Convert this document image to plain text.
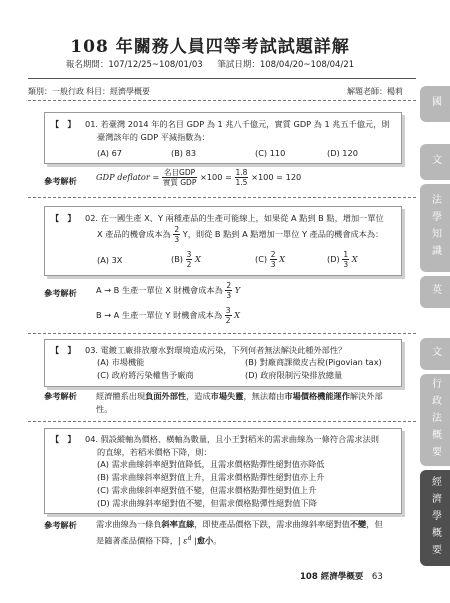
108 年關務人員四等考試試題詳解
報名期間：107/12/25~108/01/03 筆試日期：108/04/20~108/04/21
類別：一般行政 科目：經濟學概要	解題老師：楊莉
【　】 01. 若臺灣 2014 年的名目 GDP 為 1 兆八千億元，實質 GDP 為 1 兆五千億元，則
臺灣該年的 GDP 平減指數為：
(A) 67	(B) 83	(C) 110	(D) 120
參考解析 GDP deflator = $\frac{\text{名目GDP}}{\text{實質 GDP}} \times 100 = \frac{1.8}{1.5} \times 100 = 120$
【　】 02. 在一國生產 X、Y 兩種產品的生產可能線上，如果從 A 點到 B 點，增加一單位
X 產品的機會成本為 $\frac{2}{3}$ Y，則從 B 點到 A 點增加一單位 Y 產品的機會成本為：
(A) 3X	$(B) \frac{3}{2}$ X	$(C) \frac{2}{3}$ X	$(D) \frac{1}{3}$ X
參考解析 A → B 生產一單位 X 財機會成本為 $\frac{2}{3}$ Y
B → A 生產一單位 Y 財機會成本為 $\frac{3}{2}$ X
【　】 03. 電鍍工廠排放廢水對環境造成污染，下列何者無法解決此種外部性？
(A) 市場機能	(B) 對廠商課徵皮古稅(Pigovian tax)
(C) 政府將污染權售予廠商	(D) 政府限制污染排放總量
參考解析 經濟體系出現負面外部性，造成市場失靈，無法藉由市場價格機能運作解決外部
性。
【　】 04. 假設縱軸為價格、橫軸為數量，且小王對稻米的需求曲線為一條符合需求法則
的直線，若稻米價格下降，則：
(A) 需求曲線斜率絕對值降低，且需求價格點彈性絕對值亦降低
(B) 需求曲線斜率絕對值上升，且需求價格點彈性絕對值亦上升
(C) 需求曲線斜率絕對值不變，但需求價格點彈性絕對值上升
(D) 需求曲線斜率絕對值不變，但需求價格點彈性絕對值下降
參考解析 需求曲線為一條負斜率直線，即使產品價格下跌，需求曲線斜率絕對值不變，但
是隨著產品價格下降，| $\varepsilon^d$ |愈小。
國
文
法學知識
英
文
行政法概要
經濟學概要
108 經濟學概要 63
